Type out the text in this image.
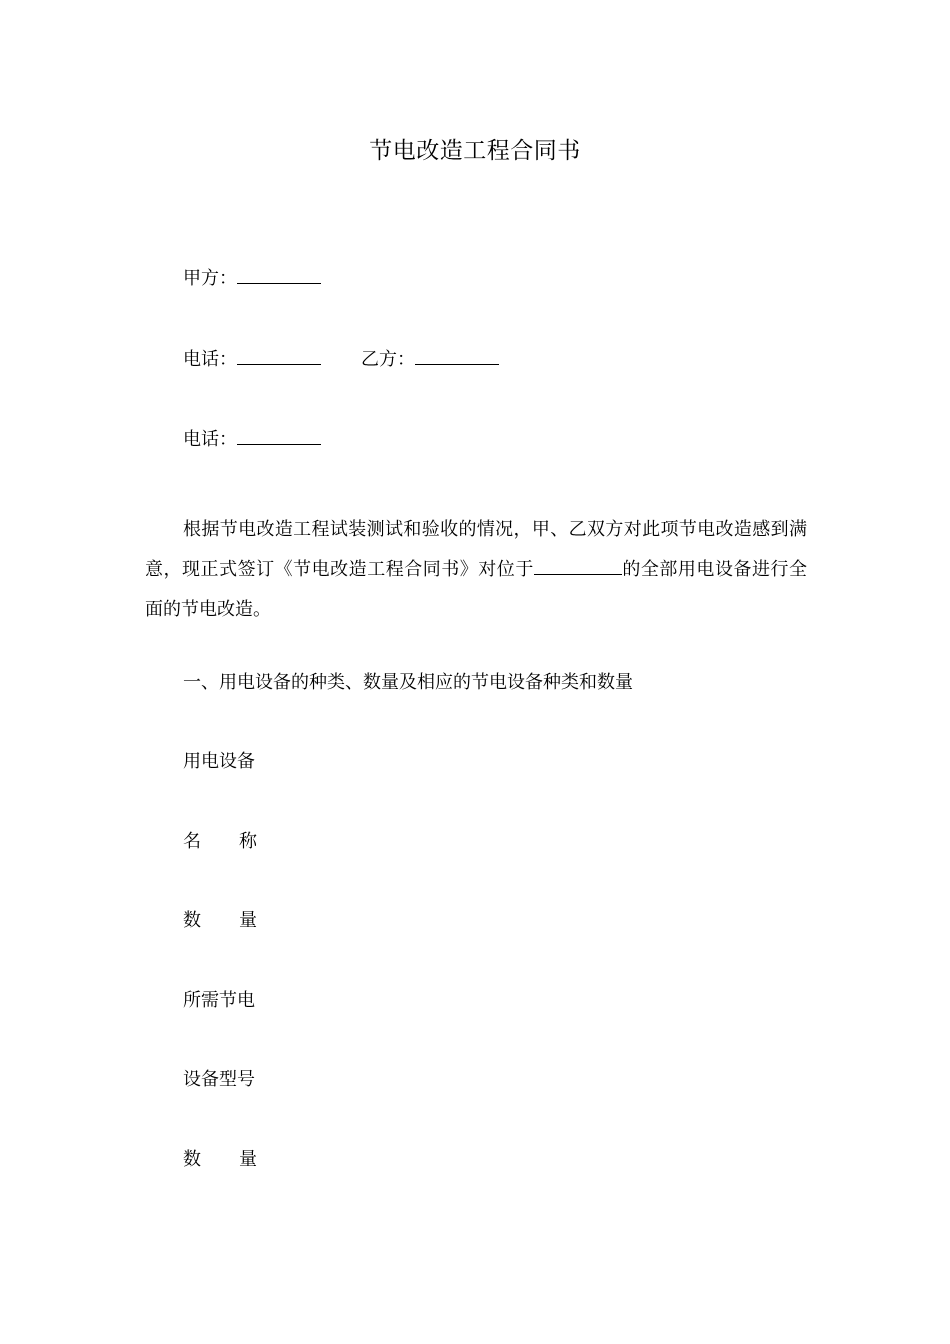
节电改造工程合同书
甲方：
电话：	乙方：
电话：
根据节电改造工程试装测试和验收的情况，甲、乙双方对此项节电改造感到满意，现正式签订《节电改造工程合同书》对位于	的全部用电设备进行全面的节电改造。
一、用电设备的种类、数量及相应的节电设备种类和数量
用电设备
名 称
数 量
所需节电
设备型号
数 量
